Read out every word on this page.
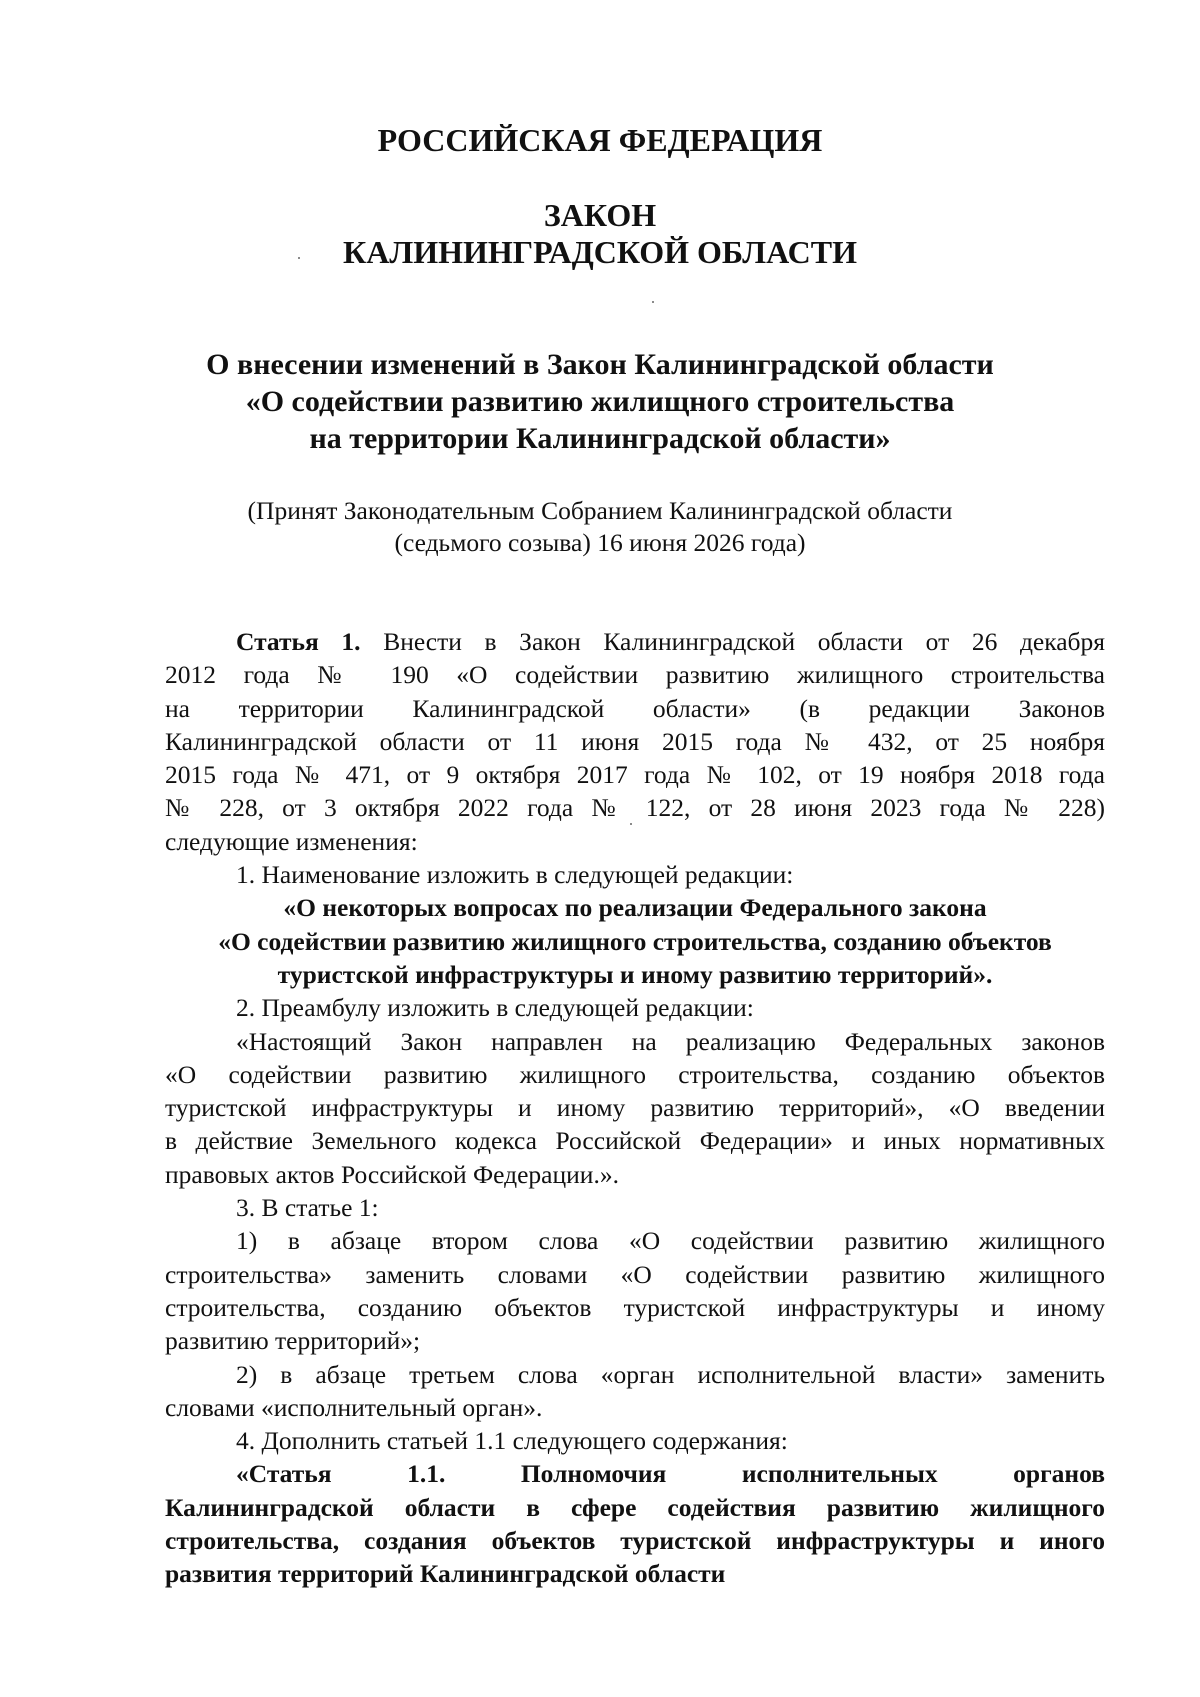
РОССИЙСКАЯ ФЕДЕРАЦИЯ
ЗАКОН
КАЛИНИНГРАДСКОЙ ОБЛАСТИ
О внесении изменений в Закон Калининградской области
«О содействии развитию жилищного строительства
на территории Калининградской области»
(Принят Законодательным Собранием Калининградской области
(седьмого созыва) 16 июня 2026 года)

Статья 1. Внести в Закон Калининградской области от 26 декабря

2012 года № 190 «О содействии развитию жилищного строительства

на территории Калининградской области» (в редакции Законов

Калининградской области от 11 июня 2015 года № 432, от 25 ноября

2015 года № 471, от 9 октября 2017 года № 102, от 19 ноября 2018 года

№ 228, от 3 октября 2022 года № 122, от 28 июня 2023 года № 228)

следующие изменения:

1. Наименование изложить в следующей редакции:

«О некоторых вопросах по реализации Федерального закона

«О содействии развитию жилищного строительства, созданию объектов

туристской инфраструктуры и иному развитию территорий».

2. Преамбулу изложить в следующей редакции:

«Настоящий Закон направлен на реализацию Федеральных законов

«О содействии развитию жилищного строительства, созданию объектов

туристской инфраструктуры и иному развитию территорий», «О введении

в действие Земельного кодекса Российской Федерации» и иных нормативных

правовых актов Российской Федерации.».

3. В статье 1:

1) в абзаце втором слова «О содействии развитию жилищного

строительства» заменить словами «О содействии развитию жилищного

строительства, созданию объектов туристской инфраструктуры и иному

развитию территорий»;

2) в абзаце третьем слова «орган исполнительной власти» заменить

словами «исполнительный орган».

4. Дополнить статьей 1.1 следующего содержания:

«Статья 1.1. Полномочия исполнительных органов

Калининградской области в сфере содействия развитию жилищного

строительства, создания объектов туристской инфраструктуры и иного

развития территорий Калининградской области
